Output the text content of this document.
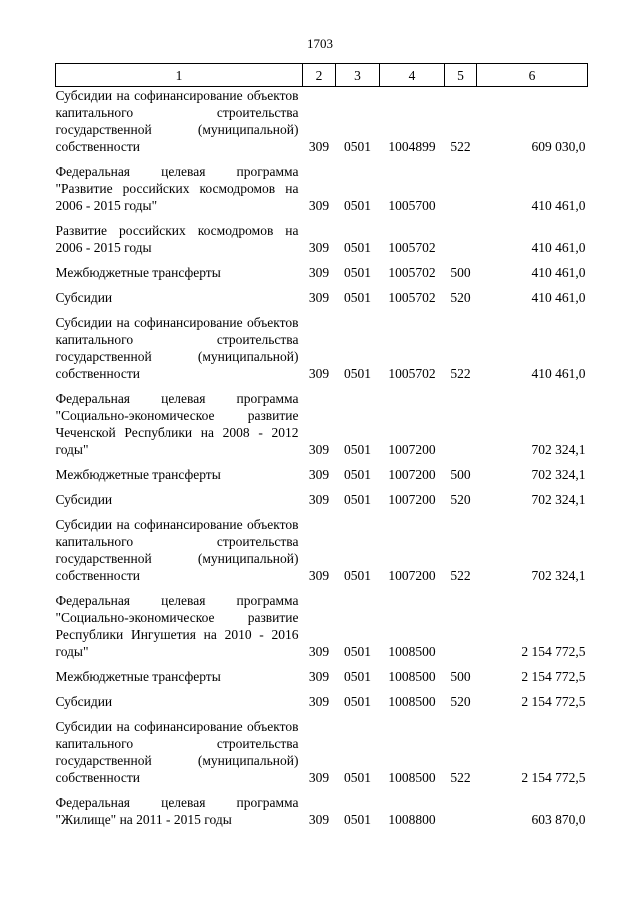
1703
1	2	3	4	5	6
Субсидии на софинансирование объектов капитального строительства государственной (муниципальной) собственности	309	0501	1004899	522	609 030,0
Федеральная целевая программа "Развитие российских космодромов на 2006 - 2015 годы"	309	0501	1005700		410 461,0
Развитие российских космодромов на 2006 - 2015 годы	309	0501	1005702		410 461,0
Межбюджетные трансферты	309	0501	1005702	500	410 461,0
Субсидии	309	0501	1005702	520	410 461,0
Субсидии на софинансирование объектов капитального строительства государственной (муниципальной) собственности	309	0501	1005702	522	410 461,0
Федеральная целевая программа "Социально-экономическое развитие Чеченской Республики на 2008 - 2012 годы"	309	0501	1007200		702 324,1
Межбюджетные трансферты	309	0501	1007200	500	702 324,1
Субсидии	309	0501	1007200	520	702 324,1
Субсидии на софинансирование объектов капитального строительства государственной (муниципальной) собственности	309	0501	1007200	522	702 324,1
Федеральная целевая программа "Социально-экономическое развитие Республики Ингушетия на 2010 - 2016 годы"	309	0501	1008500		2 154 772,5
Межбюджетные трансферты	309	0501	1008500	500	2 154 772,5
Субсидии	309	0501	1008500	520	2 154 772,5
Субсидии на софинансирование объектов капитального строительства государственной (муниципальной) собственности	309	0501	1008500	522	2 154 772,5
Федеральная целевая программа "Жилище" на 2011 - 2015 годы	309	0501	1008800		603 870,0
